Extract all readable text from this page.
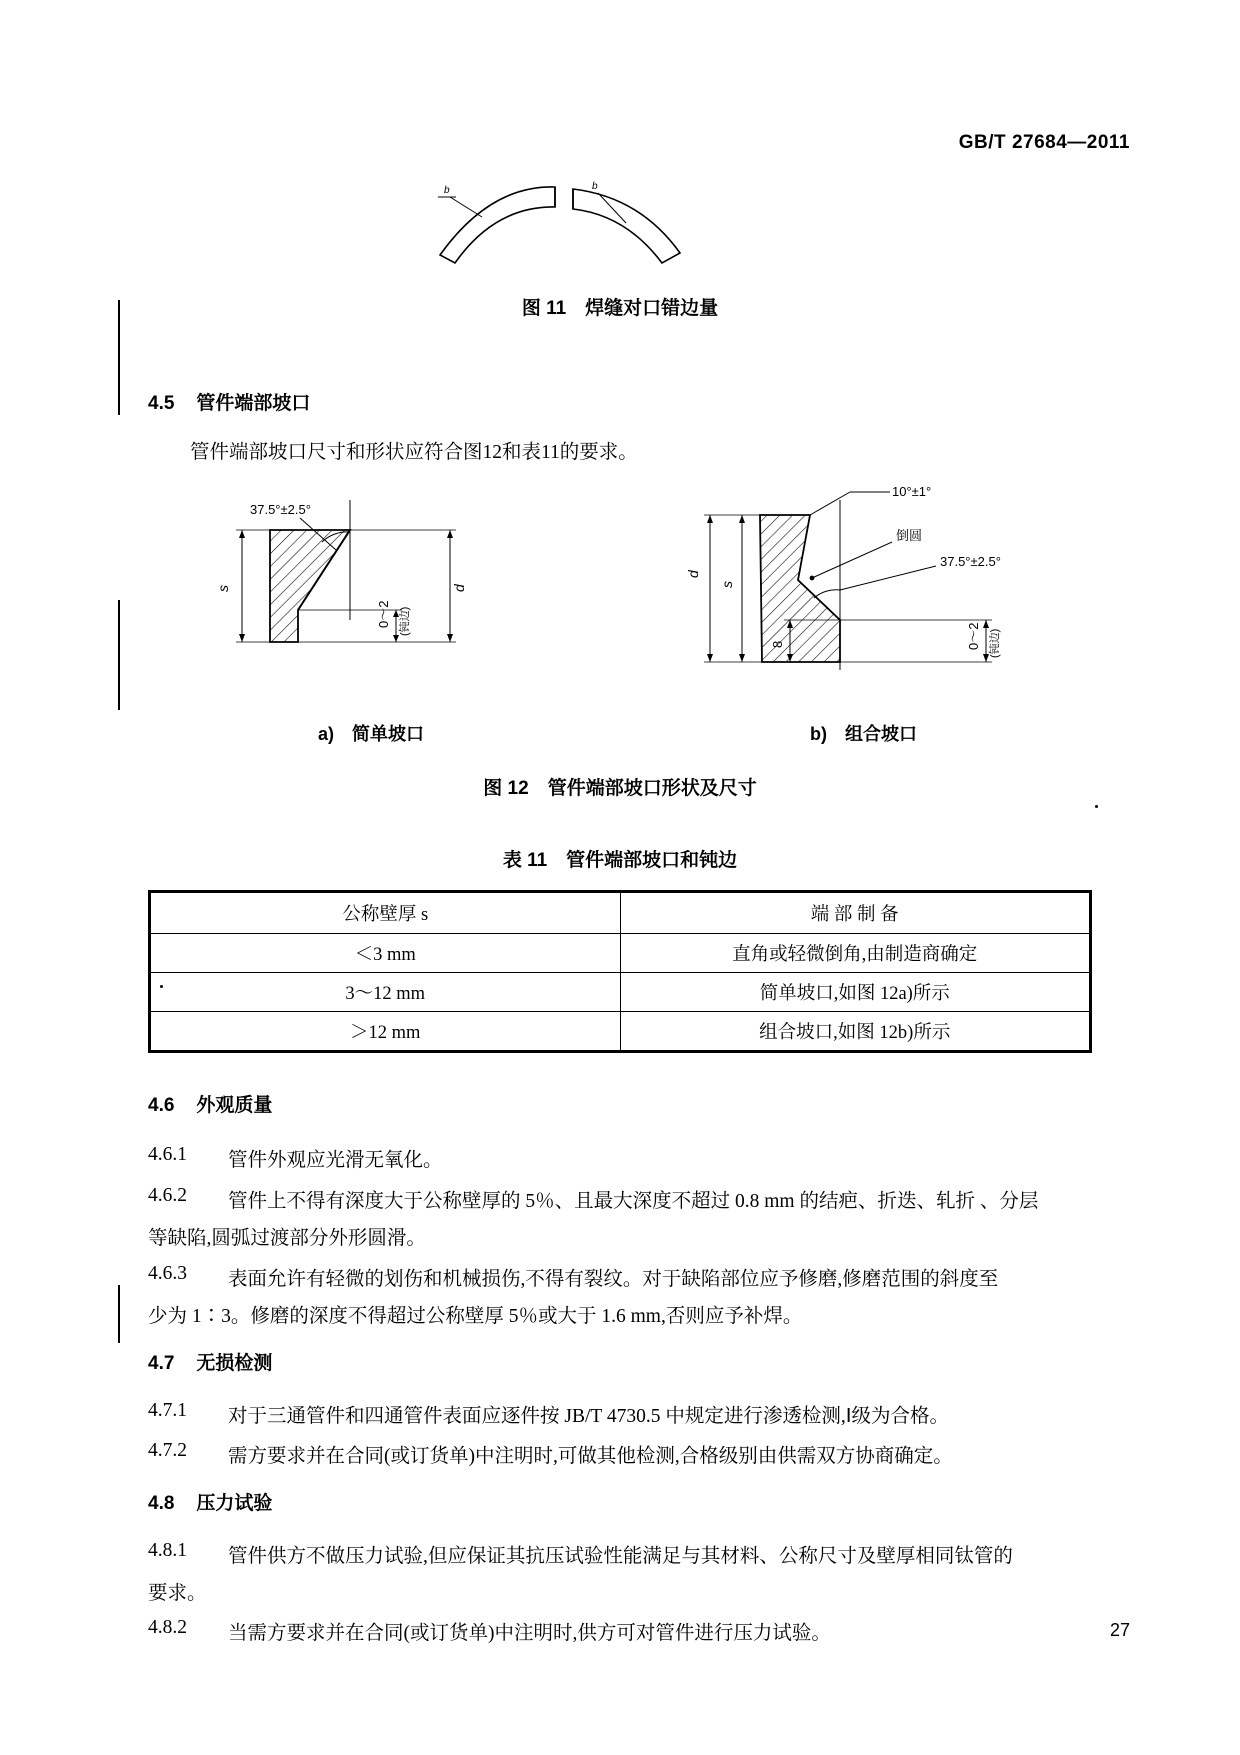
GB/T 27684—2011
b	b
图 11　焊缝对口错边量
4.5 管件端部坡口
管件端部坡口尺寸和形状应符合图12和表11的要求。
37.5°±2.5°
s	d
0～2 (钝边)
10°±1°
倒圆
37.5°±2.5°
d
s
8	0～2 (钝边)
a)　简单坡口	b)　组合坡口
图 12　管件端部坡口形状及尺寸
表 11　管件端部坡口和钝边
公称壁厚 s	端 部 制 备
＜3 mm	直角或轻微倒角,由制造商确定
3～12 mm	简单坡口,如图 12a)所示
＞12 mm	组合坡口,如图 12b)所示
4.6 外观质量
4.6.1 管件外观应光滑无氧化。
4.6.2 管件上不得有深度大于公称壁厚的 5％、且最大深度不超过 0.8 mm 的结疤、折迭、轧折 、分层
等缺陷,圆弧过渡部分外形圆滑。
4.6.3 表面允许有轻微的划伤和机械损伤,不得有裂纹。对于缺陷部位应予修磨,修磨范围的斜度至
少为 1∶3。修磨的深度不得超过公称壁厚 5％或大于 1.6 mm,否则应予补焊。
4.7 无损检测
4.7.1 对于三通管件和四通管件表面应逐件按 JB/T 4730.5 中规定进行渗透检测,Ⅰ级为合格。
4.7.2 需方要求并在合同(或订货单)中注明时,可做其他检测,合格级别由供需双方协商确定。
4.8 压力试验
4.8.1 管件供方不做压力试验,但应保证其抗压试验性能满足与其材料、公称尺寸及壁厚相同钛管的
要求。
4.8.2 当需方要求并在合同(或订货单)中注明时,供方可对管件进行压力试验。	27
